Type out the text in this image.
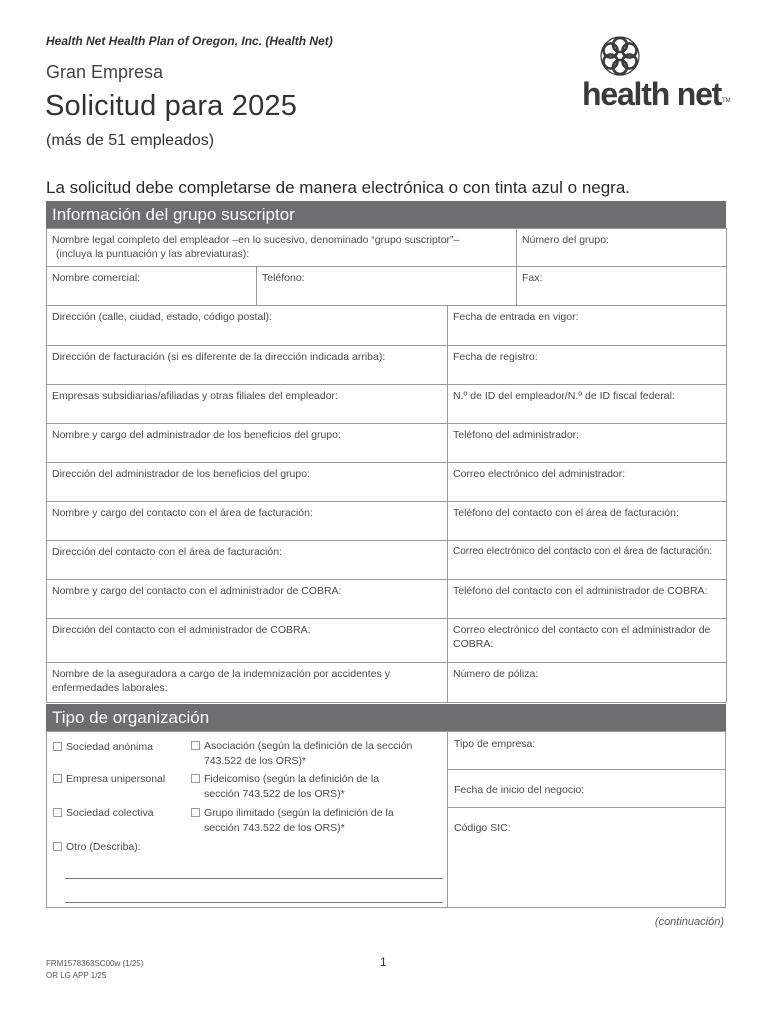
Health Net Health Plan of Oregon, Inc. (Health Net)
Gran Empresa
Solicitud para 2025
(más de 51 empleados)
health net TM
La solicitud debe completarse de manera electrónica o con tinta azul o negra.
Información del grupo suscriptor
Nombre legal completo del empleador –en lo sucesivo, denominado “grupo suscriptor”–
(incluya la puntuación y las abreviaturas):	Número del grupo:
Nombre comercial:	Teléfono:	Fax:
Dirección (calle, ciudad, estado, código postal):	Fecha de entrada en vigor:
Dirección de facturación (si es diferente de la dirección indicada arriba):	Fecha de registro:
Empresas subsidiarias/afiliadas y otras filiales del empleador:	N.º de ID del empleador/N.º de ID fiscal federal:
Nombre y cargo del administrador de los beneficios del grupo:	Teléfono del administrador:
Dirección del administrador de los beneficios del grupo:	Correo electrónico del administrador:
Nombre y cargo del contacto con el área de facturación:	Teléfono del contacto con el área de facturación:
Dirección del contacto con el área de facturación:	Correo electrónico del contacto con el área de facturación:
Nombre y cargo del contacto con el administrador de COBRA:	Teléfono del contacto con el administrador de COBRA:
Dirección del contacto con el administrador de COBRA:	Correo electrónico del contacto con el administrador de COBRA:
Nombre de la aseguradora a cargo de la indemnización por accidentes y enfermedades laborales:	Número de póliza:
Tipo de organización
Sociedad anónima
Empresa unipersonal
Sociedad colectiva
Otro (Describa):
Asociación (según la definición de la sección 743.522 de los ORS)*
Fideicomiso (según la definición de la sección 743.522 de los ORS)*
Grupo ilimitado (según la definición de la sección 743.522 de los ORS)*
Tipo de empresa:
Fecha de inicio del negocio:
Código SIC:
(continuación)
FRM1578363SC00w (1/25)
OR LG APP 1/25
1
